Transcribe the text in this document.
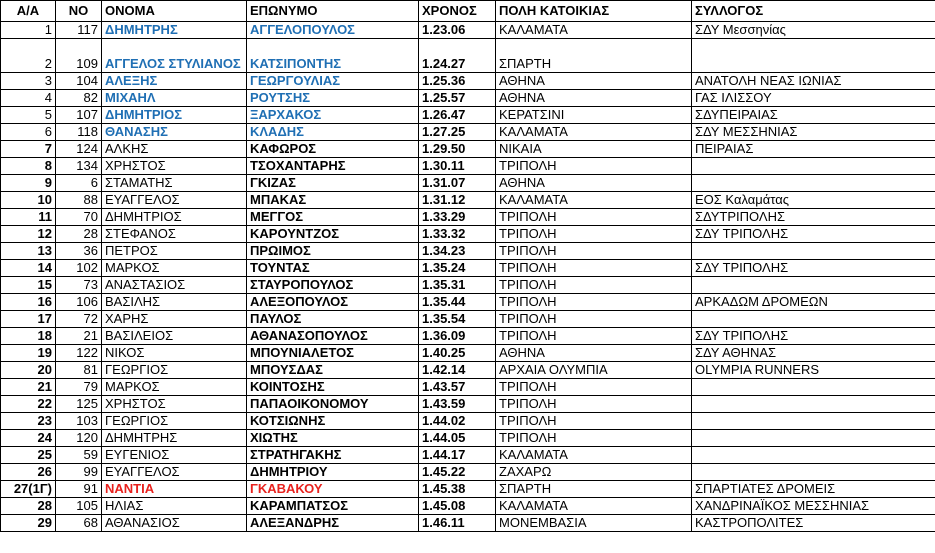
Α/Α	ΝΟ	ΟΝΟΜΑ	ΕΠΩΝΥΜΟ	ΧΡΟΝΟΣ	ΠΟΛΗ ΚΑΤΟΙΚΙΑΣ	ΣΥΛΛΟΓΟΣ
1	117	ΔΗΜΗΤΡΗΣ	ΑΓΓΕΛΟΠΟΥΛΟΣ	1.23.06	ΚΑΛΑΜΑΤΑ	ΣΔΥ Μεσσηνίας
2	109	ΑΓΓΕΛΟΣ ΣΤΥΛΙΑΝΟΣ	ΚΑΤΣΙΠΟΝΤΗΣ	1.24.27	ΣΠΑΡΤΗ	
3	104	ΑΛΕΞΗΣ	ΓΕΩΡΓΟΥΛΙΑΣ	1.25.36	ΑΘΗΝΑ	ΑΝΑΤΟΛΗ ΝΕΑΣ ΙΩΝΙΑΣ
4	82	ΜΙΧΑΗΛ	ΡΟΥΤΣΗΣ	1.25.57	ΑΘΗΝΑ	ΓΑΣ ΙΛΙΣΣΟΥ
5	107	ΔΗΜΗΤΡΙΟΣ	ΞΑΡΧΑΚΟΣ	1.26.47	ΚΕΡΑΤΣΙΝΙ	ΣΔΥΠΕΙΡΑΙΑΣ
6	118	ΘΑΝΑΣΗΣ	ΚΛΑΔΗΣ	1.27.25	ΚΑΛΑΜΑΤΑ	ΣΔΥ ΜΕΣΣΗΝΙΑΣ
7	124	ΑΛΚΗΣ	ΚΑΦΩΡΟΣ	1.29.50	ΝΙΚΑΙΑ	ΠΕΙΡΑΙΑΣ
8	134	ΧΡΗΣΤΟΣ	ΤΣΟΧΑΝΤΑΡΗΣ	1.30.11	ΤΡΙΠΟΛΗ	
9	6	ΣΤΑΜΑΤΗΣ	ΓΚΙΖΑΣ	1.31.07	ΑΘΗΝΑ	
10	88	ΕΥΑΓΓΕΛΟΣ	ΜΠΑΚΑΣ	1.31.12	ΚΑΛΑΜΑΤΑ	ΕΟΣ Καλαμάτας
11	70	ΔΗΜΗΤΡΙΟΣ	ΜΕΓΓΟΣ	1.33.29	ΤΡΙΠΟΛΗ	ΣΔΥΤΡΙΠΟΛΗΣ
12	28	ΣΤΕΦΑΝΟΣ	ΚΑΡΟΥΝΤΖΟΣ	1.33.32	ΤΡΙΠΟΛΗ	ΣΔΥ ΤΡΙΠΟΛΗΣ
13	36	ΠΕΤΡΟΣ	ΠΡΩΙΜΟΣ	1.34.23	ΤΡΙΠΟΛΗ	
14	102	ΜΑΡΚΟΣ	ΤΟΥΝΤΑΣ	1.35.24	ΤΡΙΠΟΛΗ	ΣΔΥ ΤΡΙΠΟΛΗΣ
15	73	ΑΝΑΣΤΑΣΙΟΣ	ΣΤΑΥΡΟΠΟΥΛΟΣ	1.35.31	ΤΡΙΠΟΛΗ	
16	106	ΒΑΣΙΛΗΣ	ΑΛΕΞΟΠΟΥΛΟΣ	1.35.44	ΤΡΙΠΟΛΗ	ΑΡΚΑΔΩΜ ΔΡΟΜΕΩΝ
17	72	ΧΑΡΗΣ	ΠΑΥΛΟΣ	1.35.54	ΤΡΙΠΟΛΗ	
18	21	ΒΑΣΙΛΕΙΟΣ	ΑΘΑΝΑΣΟΠΟΥΛΟΣ	1.36.09	ΤΡΙΠΟΛΗ	ΣΔΥ ΤΡΙΠΟΛΗΣ
19	122	ΝΙΚΟΣ	ΜΠΟΥΝΙΑΛΕΤΟΣ	1.40.25	ΑΘΗΝΑ	ΣΔΥ ΑΘΗΝΑΣ
20	81	ΓΕΩΡΓΙΟΣ	ΜΠΟΥΣΔΑΣ	1.42.14	ΑΡΧΑΙΑ ΟΛΥΜΠΙΑ	OLYMPIA RUNNERS
21	79	ΜΑΡΚΟΣ	ΚΟΙΝΤΟΣΗΣ	1.43.57	ΤΡΙΠΟΛΗ	
22	125	ΧΡΗΣΤΟΣ	ΠΑΠΑΟΙΚΟΝΟΜΟΥ	1.43.59	ΤΡΙΠΟΛΗ	
23	103	ΓΕΩΡΓΙΟΣ	ΚΟΤΣΙΩΝΗΣ	1.44.02	ΤΡΙΠΟΛΗ	
24	120	ΔΗΜΗΤΡΗΣ	ΧΙΩΤΗΣ	1.44.05	ΤΡΙΠΟΛΗ	
25	59	ΕΥΓΕΝΙΟΣ	ΣΤΡΑΤΗΓΑΚΗΣ	1.44.17	ΚΑΛΑΜΑΤΑ	
26	99	ΕΥΑΓΓΕΛΟΣ	ΔΗΜΗΤΡΙΟΥ	1.45.22	ΖΑΧΑΡΩ	
27(1Γ)	91	ΝΑΝΤΙΑ	ΓΚΑΒΑΚΟΥ	1.45.38	ΣΠΑΡΤΗ	ΣΠΑΡΤΙΑΤΕΣ ΔΡΟΜΕΙΣ
28	105	ΗΛΙΑΣ	ΚΑΡΑΜΠΑΤΣΟΣ	1.45.08	ΚΑΛΑΜΑΤΑ	ΧΑΝΔΡΙΝΑΪΚΟΣ ΜΕΣΣΗΝΙΑΣ
29	68	ΑΘΑΝΑΣΙΟΣ	ΑΛΕΞΑΝΔΡΗΣ	1.46.11	ΜΟΝΕΜΒΑΣΙΑ	ΚΑΣΤΡΟΠΟΛΙΤΕΣ
